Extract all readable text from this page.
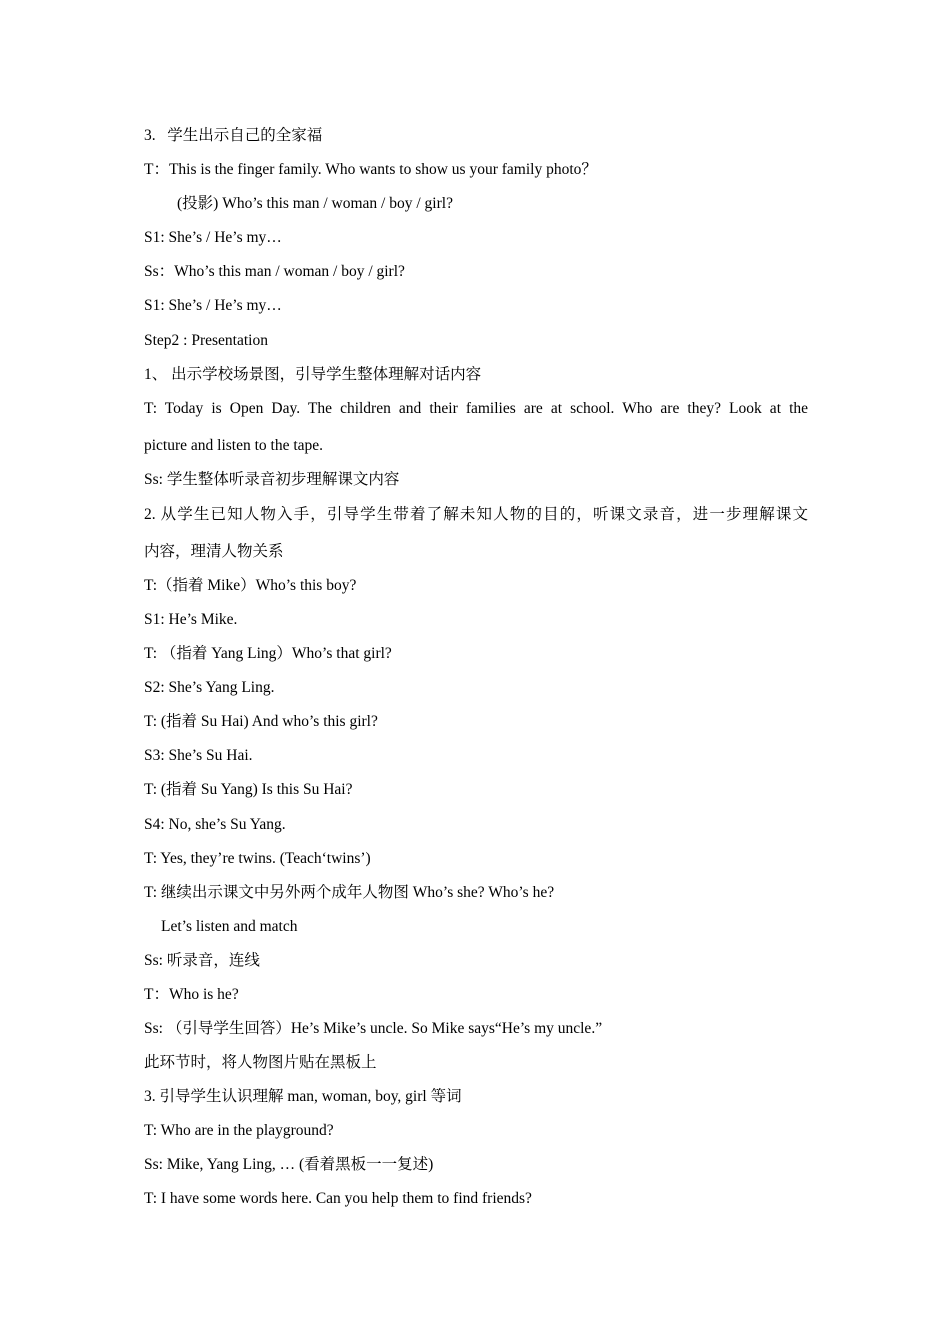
3.   学生出示自己的全家福
T：This is the finger family. Who wants to show us your family photo？
(投影) Who’s this man / woman / boy / girl?
S1: She’s / He’s my…
Ss：Who’s this man / woman / boy / girl?
S1: She’s / He’s my…
Step2 : Presentation
1、 出示学校场景图，引导学生整体理解对话内容
T: Today is Open Day. The children and their families are at school. Who are they? Look at the
picture and listen to the tape.
Ss: 学生整体听录音初步理解课文内容
2. 从学生已知人物入手，引导学生带着了解未知人物的目的，听课文录音，进一步理解课文
内容，理清人物关系
T:（指着 Mike）Who’s this boy?
S1: He’s Mike.
T: （指着 Yang Ling）Who’s that girl?
S2: She’s Yang Ling.
T: (指着 Su Hai) And who’s this girl?
S3: She’s Su Hai.
T: (指着 Su Yang) Is this Su Hai?
S4: No, she’s Su Yang.
T: Yes, they’re twins. (Teach‘twins’)
T: 继续出示课文中另外两个成年人物图 Who’s she? Who’s he?
Let’s listen and match
Ss: 听录音，连线
T：Who is he?
Ss: （引导学生回答）He’s Mike’s uncle. So Mike says“He’s my uncle.”
此环节时，将人物图片贴在黑板上
3. 引导学生认识理解 man, woman, boy, girl 等词
T: Who are in the playground?
Ss: Mike, Yang Ling, … (看着黑板一一复述)
T: I have some words here. Can you help them to find friends?
